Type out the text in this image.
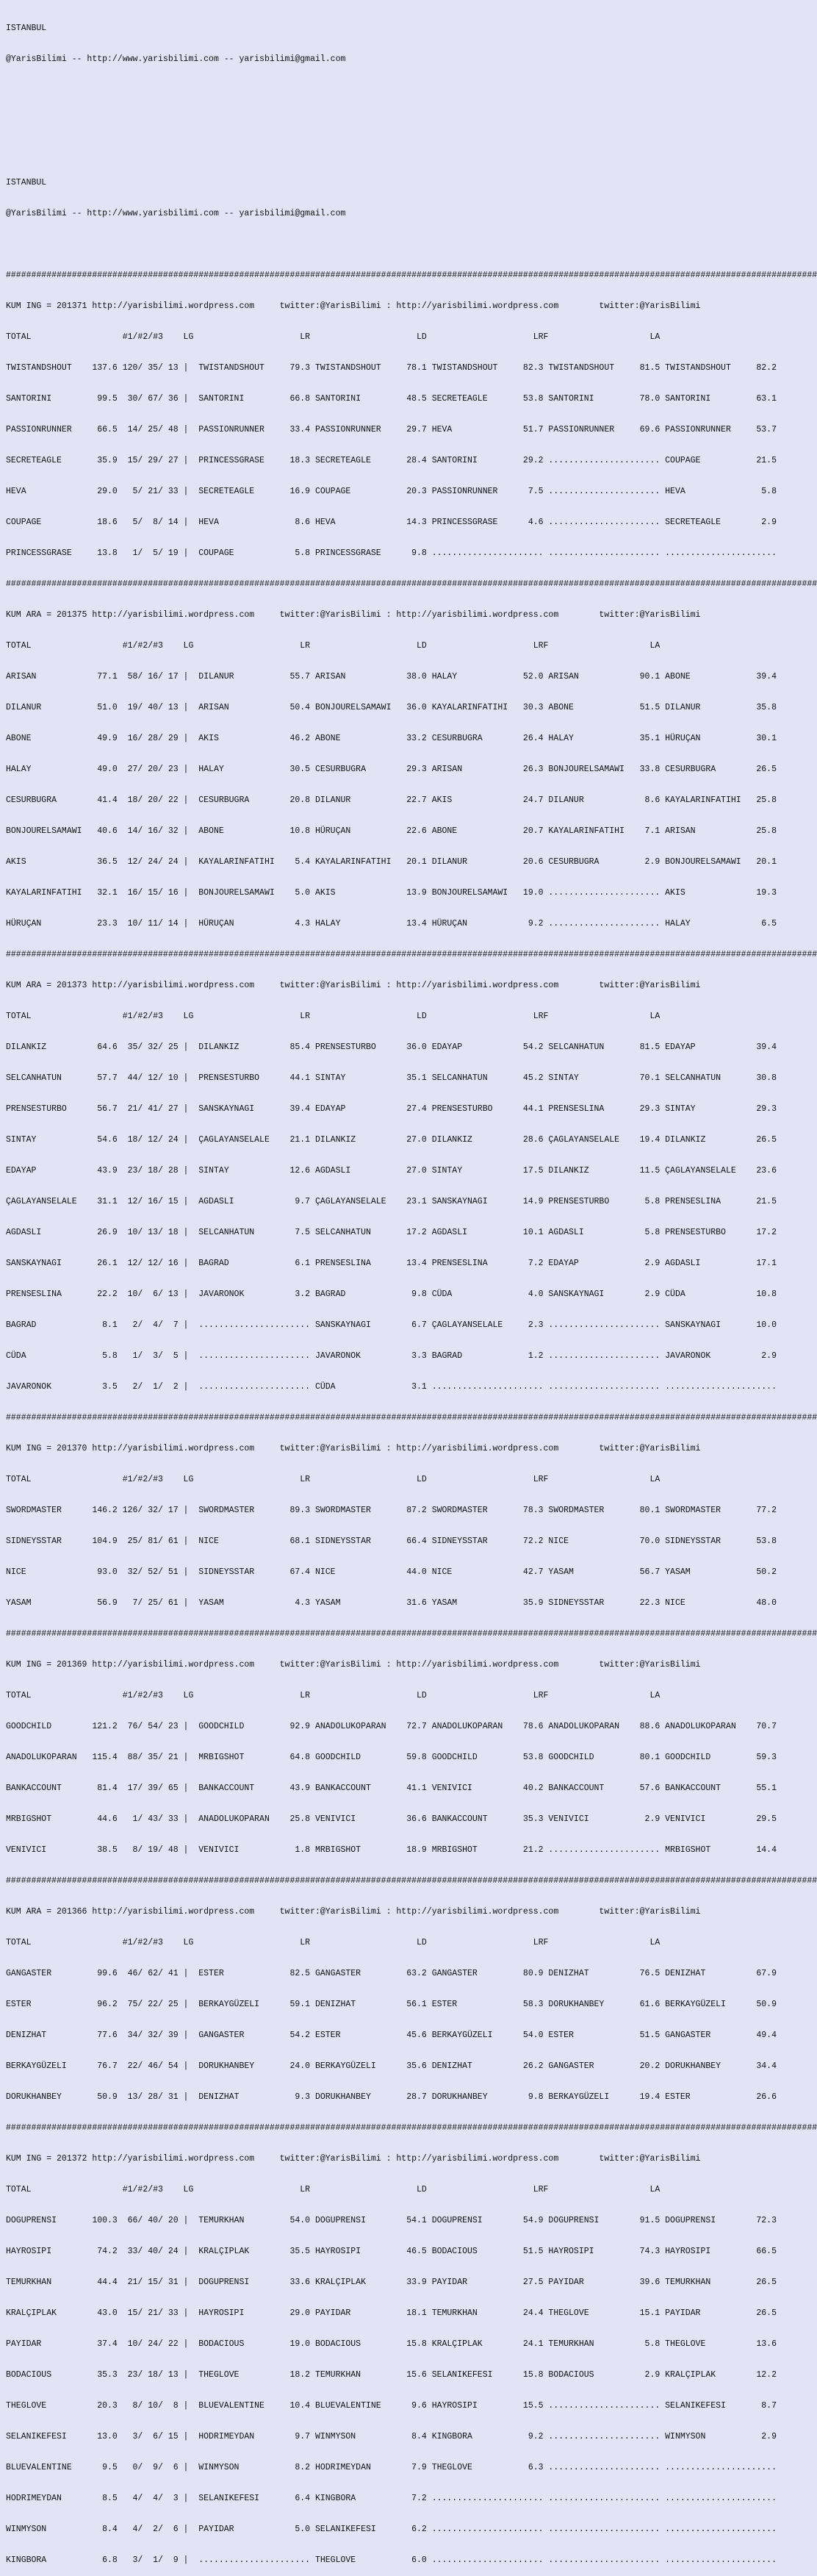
ISTANBUL

@YarisBilimi -- http://www.yarisbilimi.com -- yarisbilimi@gmail.com

ISTANBUL

@YarisBilimi -- http://www.yarisbilimi.com -- yarisbilimi@gmail.com

################################################################################################################################################################

KUM ING = 201371 http://yarisbilimi.wordpress.com     twitter:@YarisBilimi : http://yarisbilimi.wordpress.com        twitter:@YarisBilimi

TOTAL                  #1/#2/#3    LG                     LR                     LD                     LRF                    LA

TWISTANDSHOUT    137.6 120/ 35/ 13 |  TWISTANDSHOUT     79.3 TWISTANDSHOUT     78.1 TWISTANDSHOUT     82.3 TWISTANDSHOUT     81.5 TWISTANDSHOUT     82.2

SANTORINI         99.5  30/ 67/ 36 |  SANTORINI         66.8 SANTORINI         48.5 SECRETEAGLE       53.8 SANTORINI         78.0 SANTORINI         63.1

PASSIONRUNNER     66.5  14/ 25/ 48 |  PASSIONRUNNER     33.4 PASSIONRUNNER     29.7 HEVA              51.7 PASSIONRUNNER     69.6 PASSIONRUNNER     53.7

SECRETEAGLE       35.9  15/ 29/ 27 |  PRINCESSGRASE     18.3 SECRETEAGLE       28.4 SANTORINI         29.2 ...................... COUPAGE           21.5

HEVA              29.0   5/ 21/ 33 |  SECRETEAGLE       16.9 COUPAGE           20.3 PASSIONRUNNER      7.5 ...................... HEVA               5.8

COUPAGE           18.6   5/  8/ 14 |  HEVA               8.6 HEVA              14.3 PRINCESSGRASE      4.6 ...................... SECRETEAGLE        2.9

PRINCESSGRASE     13.8   1/  5/ 19 |  COUPAGE            5.8 PRINCESSGRASE      9.8 ...................... ...................... ......................

################################################################################################################################################################

KUM ARA = 201375 http://yarisbilimi.wordpress.com     twitter:@YarisBilimi : http://yarisbilimi.wordpress.com        twitter:@YarisBilimi

TOTAL                  #1/#2/#3    LG                     LR                     LD                     LRF                    LA

ARISAN            77.1  58/ 16/ 17 |  DILANUR           55.7 ARISAN            38.0 HALAY             52.0 ARISAN            90.1 ABONE             39.4

DILANUR           51.0  19/ 40/ 13 |  ARISAN            50.4 BONJOURELSAMAWI   36.0 KAYALARINFATIHI   30.3 ABONE             51.5 DILANUR           35.8

ABONE             49.9  16/ 28/ 29 |  AKIS              46.2 ABONE             33.2 CESURBUGRA        26.4 HALAY             35.1 HÜRUÇAN           30.1

HALAY             49.0  27/ 20/ 23 |  HALAY             30.5 CESURBUGRA        29.3 ARISAN            26.3 BONJOURELSAMAWI   33.8 CESURBUGRA        26.5

CESURBUGRA        41.4  18/ 20/ 22 |  CESURBUGRA        20.8 DILANUR           22.7 AKIS              24.7 DILANUR            8.6 KAYALARINFATIHI   25.8

BONJOURELSAMAWI   40.6  14/ 16/ 32 |  ABONE             10.8 HÜRUÇAN           22.6 ABONE             20.7 KAYALARINFATIHI    7.1 ARISAN            25.8

AKIS              36.5  12/ 24/ 24 |  KAYALARINFATIHI    5.4 KAYALARINFATIHI   20.1 DILANUR           20.6 CESURBUGRA         2.9 BONJOURELSAMAWI   20.1

KAYALARINFATIHI   32.1  16/ 15/ 16 |  BONJOURELSAMAWI    5.0 AKIS              13.9 BONJOURELSAMAWI   19.0 ...................... AKIS              19.3

HÜRUÇAN           23.3  10/ 11/ 14 |  HÜRUÇAN            4.3 HALAY             13.4 HÜRUÇAN            9.2 ...................... HALAY              6.5

################################################################################################################################################################

KUM ARA = 201373 http://yarisbilimi.wordpress.com     twitter:@YarisBilimi : http://yarisbilimi.wordpress.com        twitter:@YarisBilimi

TOTAL                  #1/#2/#3    LG                     LR                     LD                     LRF                    LA

DILANKIZ          64.6  35/ 32/ 25 |  DILANKIZ          85.4 PRENSESTURBO      36.0 EDAYAP            54.2 SELCANHATUN       81.5 EDAYAP            39.4

SELCANHATUN       57.7  44/ 12/ 10 |  PRENSESTURBO      44.1 SINTAY            35.1 SELCANHATUN       45.2 SINTAY            70.1 SELCANHATUN       30.8

PRENSESTURBO      56.7  21/ 41/ 27 |  SANSKAYNAGI       39.4 EDAYAP            27.4 PRENSESTURBO      44.1 PRENSESLINA       29.3 SINTAY            29.3

SINTAY            54.6  18/ 12/ 24 |  ÇAGLAYANSELALE    21.1 DILANKIZ          27.0 DILANKIZ          28.6 ÇAGLAYANSELALE    19.4 DILANKIZ          26.5

EDAYAP            43.9  23/ 18/ 28 |  SINTAY            12.6 AGDASLI           27.0 SINTAY            17.5 DILANKIZ          11.5 ÇAGLAYANSELALE    23.6

ÇAGLAYANSELALE    31.1  12/ 16/ 15 |  AGDASLI            9.7 ÇAGLAYANSELALE    23.1 SANSKAYNAGI       14.9 PRENSESTURBO       5.8 PRENSESLINA       21.5

AGDASLI           26.9  10/ 13/ 18 |  SELCANHATUN        7.5 SELCANHATUN       17.2 AGDASLI           10.1 AGDASLI            5.8 PRENSESTURBO      17.2

SANSKAYNAGI       26.1  12/ 12/ 16 |  BAGRAD             6.1 PRENSESLINA       13.4 PRENSESLINA        7.2 EDAYAP             2.9 AGDASLI           17.1

PRENSESLINA       22.2  10/  6/ 13 |  JAVARONOK          3.2 BAGRAD             9.8 CÜDA               4.0 SANSKAYNAGI        2.9 CÜDA              10.8

BAGRAD             8.1   2/  4/  7 |  ...................... SANSKAYNAGI        6.7 ÇAGLAYANSELALE     2.3 ...................... SANSKAYNAGI       10.0

CÜDA               5.8   1/  3/  5 |  ...................... JAVARONOK          3.3 BAGRAD             1.2 ...................... JAVARONOK          2.9

JAVARONOK          3.5   2/  1/  2 |  ...................... CÜDA               3.1 ...................... ...................... ......................

################################################################################################################################################################

KUM ING = 201370 http://yarisbilimi.wordpress.com     twitter:@YarisBilimi : http://yarisbilimi.wordpress.com        twitter:@YarisBilimi

TOTAL                  #1/#2/#3    LG                     LR                     LD                     LRF                    LA

SWORDMASTER      146.2 126/ 32/ 17 |  SWORDMASTER       89.3 SWORDMASTER       87.2 SWORDMASTER       78.3 SWORDMASTER       80.1 SWORDMASTER       77.2

SIDNEYSSTAR      104.9  25/ 81/ 61 |  NICE              68.1 SIDNEYSSTAR       66.4 SIDNEYSSTAR       72.2 NICE              70.0 SIDNEYSSTAR       53.8

NICE              93.0  32/ 52/ 51 |  SIDNEYSSTAR       67.4 NICE              44.0 NICE              42.7 YASAM             56.7 YASAM             50.2

YASAM             56.9   7/ 25/ 61 |  YASAM              4.3 YASAM             31.6 YASAM             35.9 SIDNEYSSTAR       22.3 NICE              48.0

################################################################################################################################################################

KUM ING = 201369 http://yarisbilimi.wordpress.com     twitter:@YarisBilimi : http://yarisbilimi.wordpress.com        twitter:@YarisBilimi

TOTAL                  #1/#2/#3    LG                     LR                     LD                     LRF                    LA

GOODCHILD        121.2  76/ 54/ 23 |  GOODCHILD         92.9 ANADOLUKOPARAN    72.7 ANADOLUKOPARAN    78.6 ANADOLUKOPARAN    88.6 ANADOLUKOPARAN    70.7

ANADOLUKOPARAN   115.4  88/ 35/ 21 |  MRBIGSHOT         64.8 GOODCHILD         59.8 GOODCHILD         53.8 GOODCHILD         80.1 GOODCHILD         59.3

BANKACCOUNT       81.4  17/ 39/ 65 |  BANKACCOUNT       43.9 BANKACCOUNT       41.1 VENIVICI          40.2 BANKACCOUNT       57.6 BANKACCOUNT       55.1

MRBIGSHOT         44.6   1/ 43/ 33 |  ANADOLUKOPARAN    25.8 VENIVICI          36.6 BANKACCOUNT       35.3 VENIVICI           2.9 VENIVICI          29.5

VENIVICI          38.5   8/ 19/ 48 |  VENIVICI           1.8 MRBIGSHOT         18.9 MRBIGSHOT         21.2 ...................... MRBIGSHOT         14.4

################################################################################################################################################################

KUM ARA = 201366 http://yarisbilimi.wordpress.com     twitter:@YarisBilimi : http://yarisbilimi.wordpress.com        twitter:@YarisBilimi

TOTAL                  #1/#2/#3    LG                     LR                     LD                     LRF                    LA

GANGASTER         99.6  46/ 62/ 41 |  ESTER             82.5 GANGASTER         63.2 GANGASTER         80.9 DENIZHAT          76.5 DENIZHAT          67.9

ESTER             96.2  75/ 22/ 25 |  BERKAYGÜZELI      59.1 DENIZHAT          56.1 ESTER             58.3 DORUKHANBEY       61.6 BERKAYGÜZELI      50.9

DENIZHAT          77.6  34/ 32/ 39 |  GANGASTER         54.2 ESTER             45.6 BERKAYGÜZELI      54.0 ESTER             51.5 GANGASTER         49.4

BERKAYGÜZELI      76.7  22/ 46/ 54 |  DORUKHANBEY       24.0 BERKAYGÜZELI      35.6 DENIZHAT          26.2 GANGASTER         20.2 DORUKHANBEY       34.4

DORUKHANBEY       50.9  13/ 28/ 31 |  DENIZHAT           9.3 DORUKHANBEY       28.7 DORUKHANBEY        9.8 BERKAYGÜZELI      19.4 ESTER             26.6

################################################################################################################################################################

KUM ING = 201372 http://yarisbilimi.wordpress.com     twitter:@YarisBilimi : http://yarisbilimi.wordpress.com        twitter:@YarisBilimi

TOTAL                  #1/#2/#3    LG                     LR                     LD                     LRF                    LA

DOGUPRENSI       100.3  66/ 40/ 20 |  TEMURKHAN         54.0 DOGUPRENSI        54.1 DOGUPRENSI        54.9 DOGUPRENSI        91.5 DOGUPRENSI        72.3

HAYROSIPI         74.2  33/ 40/ 24 |  KRALÇIPLAK        35.5 HAYROSIPI         46.5 BODACIOUS         51.5 HAYROSIPI         74.3 HAYROSIPI         66.5

TEMURKHAN         44.4  21/ 15/ 31 |  DOGUPRENSI        33.6 KRALÇIPLAK        33.9 PAYIDAR           27.5 PAYIDAR           39.6 TEMURKHAN         26.5

KRALÇIPLAK        43.0  15/ 21/ 33 |  HAYROSIPI         29.0 PAYIDAR           18.1 TEMURKHAN         24.4 THEGLOVE          15.1 PAYIDAR           26.5

PAYIDAR           37.4  10/ 24/ 22 |  BODACIOUS         19.0 BODACIOUS         15.8 KRALÇIPLAK        24.1 TEMURKHAN          5.8 THEGLOVE          13.6

BODACIOUS         35.3  23/ 18/ 13 |  THEGLOVE          18.2 TEMURKHAN         15.6 SELANIKEFESI      15.8 BODACIOUS          2.9 KRALÇIPLAK        12.2

THEGLOVE          20.3   8/ 10/  8 |  BLUEVALENTINE     10.4 BLUEVALENTINE      9.6 HAYROSIPI         15.5 ...................... SELANIKEFESI       8.7

SELANIKEFESI      13.0   3/  6/ 15 |  HODRIMEYDAN        9.7 WINMYSON           8.4 KINGBORA           9.2 ...................... WINMYSON           2.9

BLUEVALENTINE      9.5   0/  9/  6 |  WINMYSON           8.2 HODRIMEYDAN        7.9 THEGLOVE           6.3 ...................... ......................

HODRIMEYDAN        8.5   4/  4/  3 |  SELANIKEFESI       6.4 KINGBORA           7.2 ...................... ...................... ......................

WINMYSON           8.4   4/  2/  6 |  PAYIDAR            5.0 SELANIKEFESI       6.2 ...................... ...................... ......................

KINGBORA           6.8   3/  1/  9 |  ...................... THEGLOVE           6.0 ...................... ...................... ......................
